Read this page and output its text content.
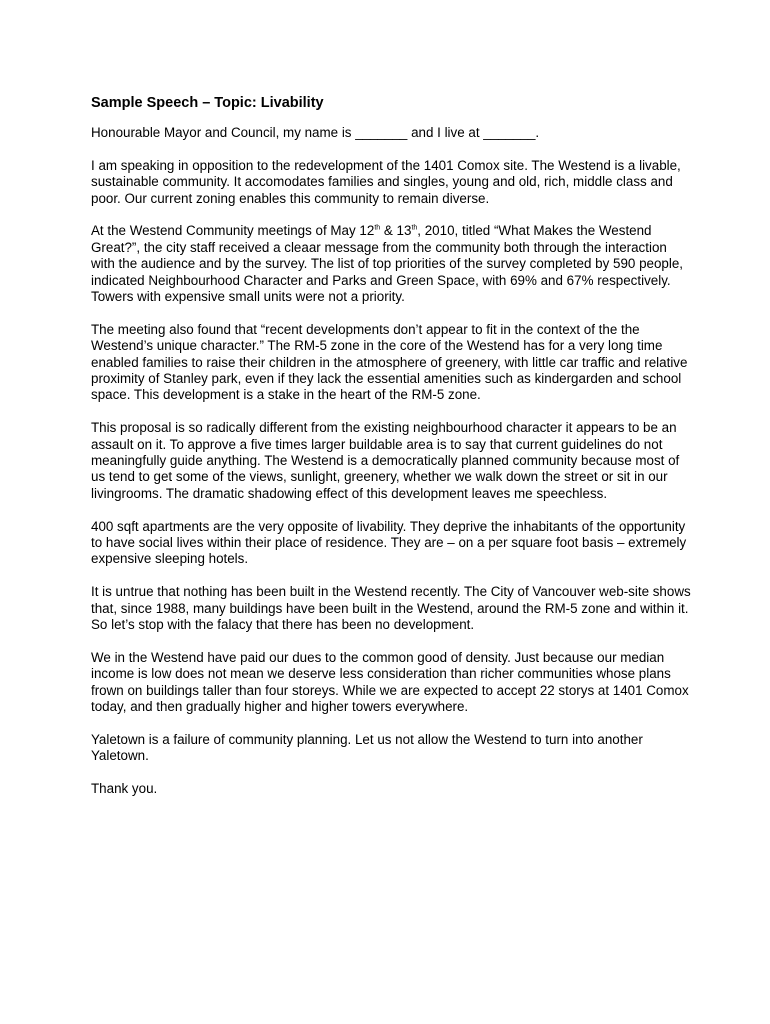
Sample Speech – Topic: Livability

Honourable Mayor and Council, my name is _______ and I live at _______.

I am speaking in opposition to the redevelopment of the 1401 Comox site. The Westend is a livable, sustainable community. It accomodates families and singles, young and old, rich, middle class and poor. Our current zoning enables this community to remain diverse.

At the Westend Community meetings of May 12th & 13th, 2010, titled “What Makes the Westend Great?”, the city staff received a cleaar message from the community both through the interaction with the audience and by the survey. The list of top priorities of the survey completed by 590 people, indicated Neighbourhood Character and Parks and Green Space, with 69% and 67% respectively. Towers with expensive small units were not a priority.

The meeting also found that “recent developments don’t appear to fit in the context of the the Westend’s unique character.” The RM-5 zone in the core of the Westend has for a very long time enabled families to raise their children in the atmosphere of greenery, with little car traffic and relative proximity of Stanley park, even if they lack the essential amenities such as kindergarden and school space. This development is a stake in the heart of the RM-5 zone.

This proposal is so radically different from the existing neighbourhood character it appears to be an assault on it. To approve a five times larger buildable area is to say that current guidelines do not meaningfully guide anything. The Westend is a democratically planned community because most of us tend to get some of the views, sunlight, greenery, whether we walk down the street or sit in our livingrooms. The dramatic shadowing effect of this development leaves me speechless.

400 sqft apartments are the very opposite of livability. They deprive the inhabitants of the opportunity to have social lives within their place of residence. They are – on a per square foot basis – extremely expensive sleeping hotels.

It is untrue that nothing has been built in the Westend recently. The City of Vancouver web-site shows that, since 1988, many buildings have been built in the Westend, around the RM-5 zone and within it. So let’s stop with the falacy that there has been no development.

We in the Westend have paid our dues to the common good of density. Just because our median income is low does not mean we deserve less consideration than richer communities whose plans frown on buildings taller than four storeys. While we are expected to accept 22 storys at 1401 Comox today, and then gradually higher and higher towers everywhere.

Yaletown is a failure of community planning. Let us not allow the Westend to turn into another Yaletown.

Thank you.
